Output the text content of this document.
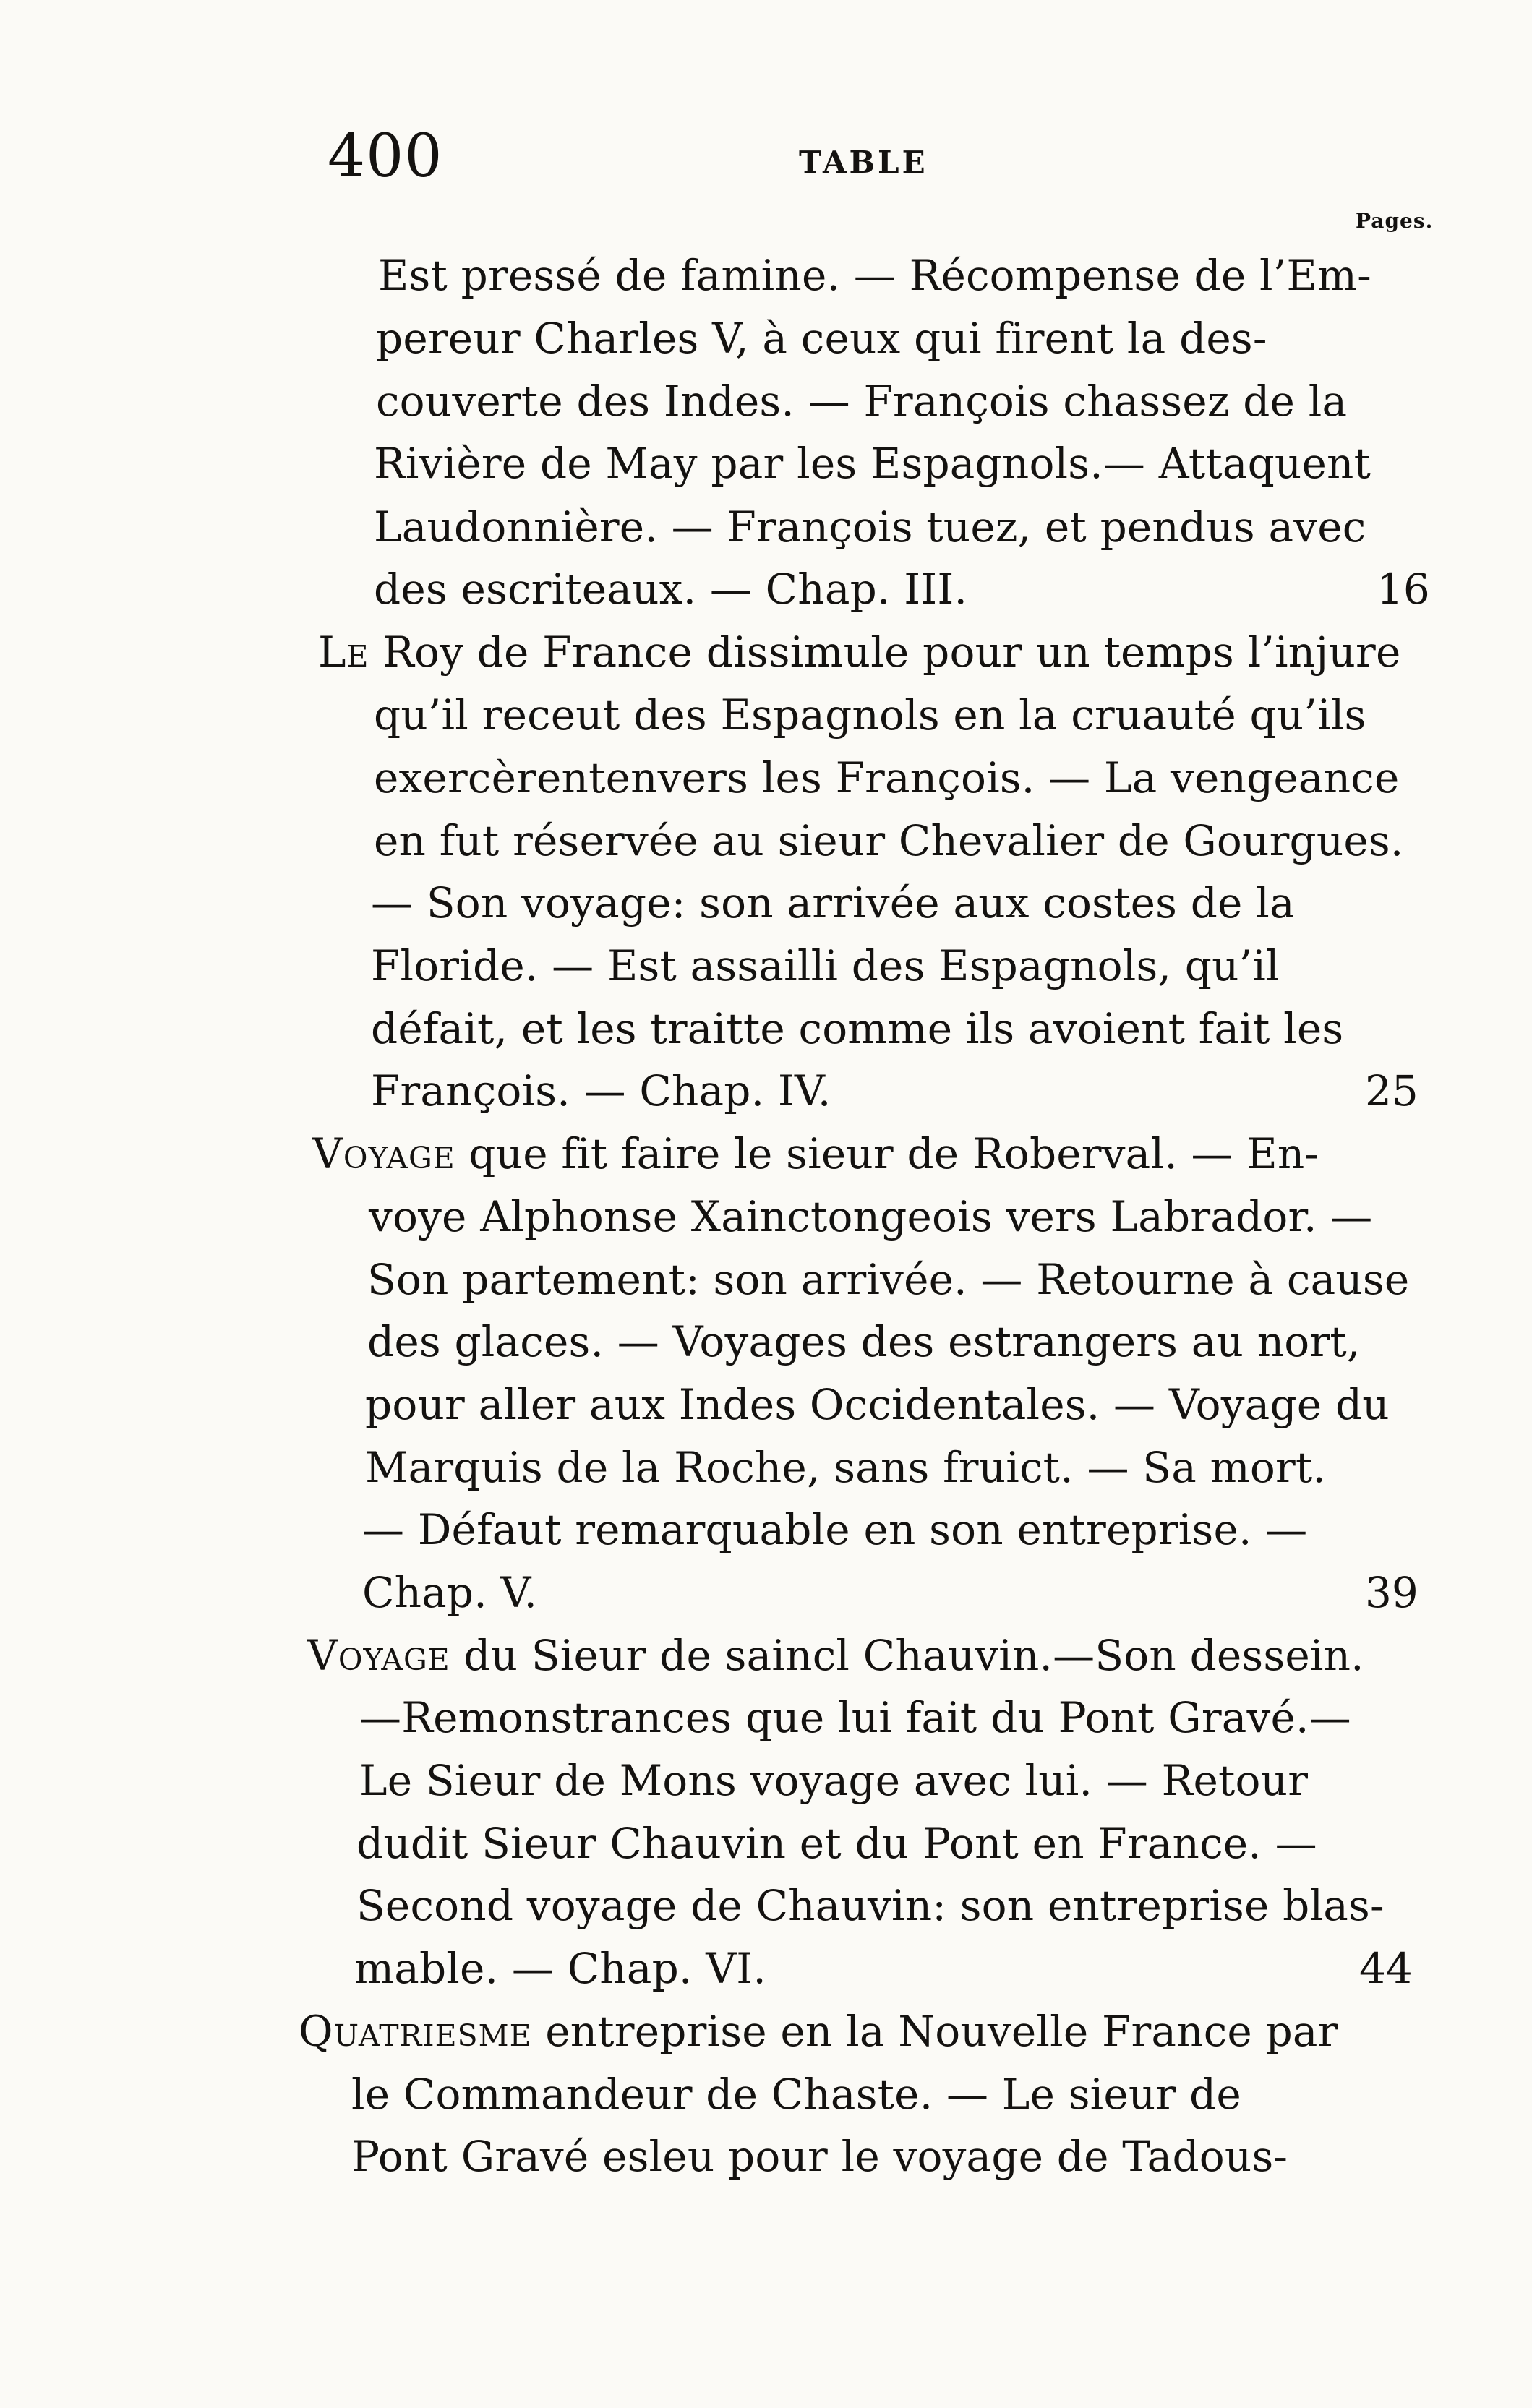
400	TABLE
Pages.
Est pressé de famine. — Récompense de l’Em-
pereur Charles V, à ceux qui firent la des-
couverte des Indes. — François chassez de la
Rivière de May par les Espagnols.— Attaquent
Laudonnière. — François tuez, et pendus avec
des escriteaux. — Chap. III.	16
Le Roy de France dissimule pour un temps l’injure
qu’il receut des Espagnols en la cruauté qu’ils
exercèrentenvers les François. — La vengeance
en fut réservée au sieur Chevalier de Gourgues.
— Son voyage: son arrivée aux costes de la
Floride. — Est assailli des Espagnols, qu’il
défait, et les traitte comme ils avoient fait les
François. — Chap. IV.	25
Voyage que fit faire le sieur de Roberval. — En-
voye Alphonse Xainctongeois vers Labrador. —
Son partement: son arrivée. — Retourne à cause
des glaces. — Voyages des estrangers au nort,
pour aller aux Indes Occidentales. — Voyage du
Marquis de la Roche, sans fruict. — Sa mort.
— Défaut remarquable en son entreprise. —
Chap. V.	39
Voyage du Sieur de saincl Chauvin.—Son dessein.
—Remonstrances que lui fait du Pont Gravé.—
Le Sieur de Mons voyage avec lui. — Retour
dudit Sieur Chauvin et du Pont en France. —
Second voyage de Chauvin: son entreprise blas-
mable. — Chap. VI.	44
Quatriesme entreprise en la Nouvelle France par
le Commandeur de Chaste. — Le sieur de
Pont Gravé esleu pour le voyage de Tadous-
